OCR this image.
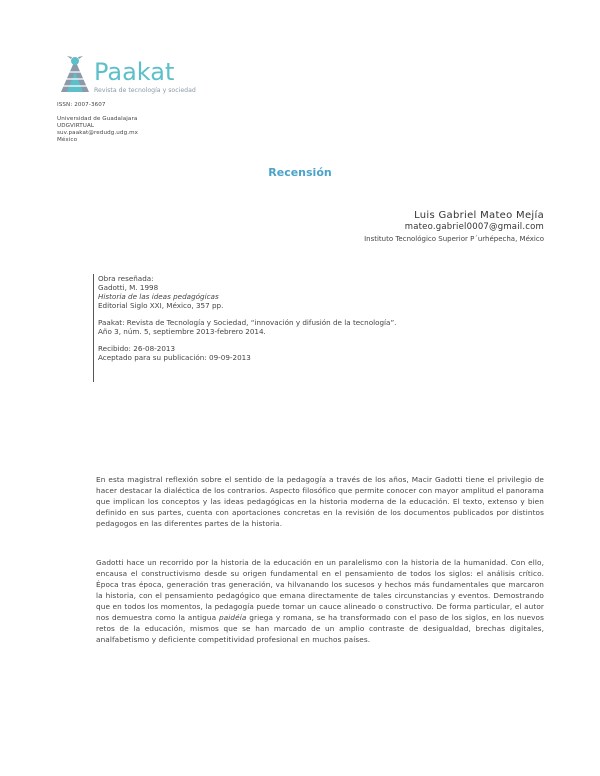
Paakat
Revista de tecnología y sociedad
ISSN: 2007-3607
Universidad de Guadalajara
UDGVIRTUAL
suv.paakat@redudg.udg.mx
México
Recensión
Luis Gabriel Mateo Mejía
mateo.gabriel0007@gmail.com
Instituto Tecnológico Superior P´urhépecha, México

Obra reseñada:

Gadotti, M. 1998

Historia de las ideas pedagógicas

Editorial Siglo XXI, México, 357 pp.

Paakat: Revista de Tecnología y Sociedad, “innovación y difusión de la tecnología”.

Año 3, núm. 5, septiembre 2013-febrero 2014.

Recibido: 26-08-2013

Aceptado para su publicación: 09-09-2013

En esta magistral reflexión sobre el sentido de la pedagogía a través de los años, Macir Gadotti tiene el privilegio de hacer destacar la dialéctica de los contrarios. Aspecto filosófico que permite conocer con mayor amplitud el panorama que implican los conceptos y las ideas pedagógicas en la historia moderna de la educación. El texto, extenso y bien definido en sus partes, cuenta con aportaciones concretas en la revisión de los documentos publicados por distintos pedagogos en las diferentes partes de la historia.

Gadotti hace un recorrido por la historia de la educación en un paralelismo con la historia de la humanidad. Con ello, encausa el constructivismo desde su origen fundamental en el pensamiento de todos los siglos: el análisis crítico. Época tras época, generación tras generación, va hilvanando los sucesos y hechos más fundamentales que marcaron la historia, con el pensamiento pedagógico que emana directamente de tales circunstancias y eventos. Demostrando que en todos los momentos, la pedagogía puede tomar un cauce alineado o constructivo. De forma particular, el autor nos demuestra como la antigua paidéia griega y romana, se ha transformado con el paso de los siglos, en los nuevos retos de la educación, mismos que se han marcado de un amplio contraste de desigualdad, brechas digitales, analfabetismo y deficiente competitividad profesional en muchos países.
